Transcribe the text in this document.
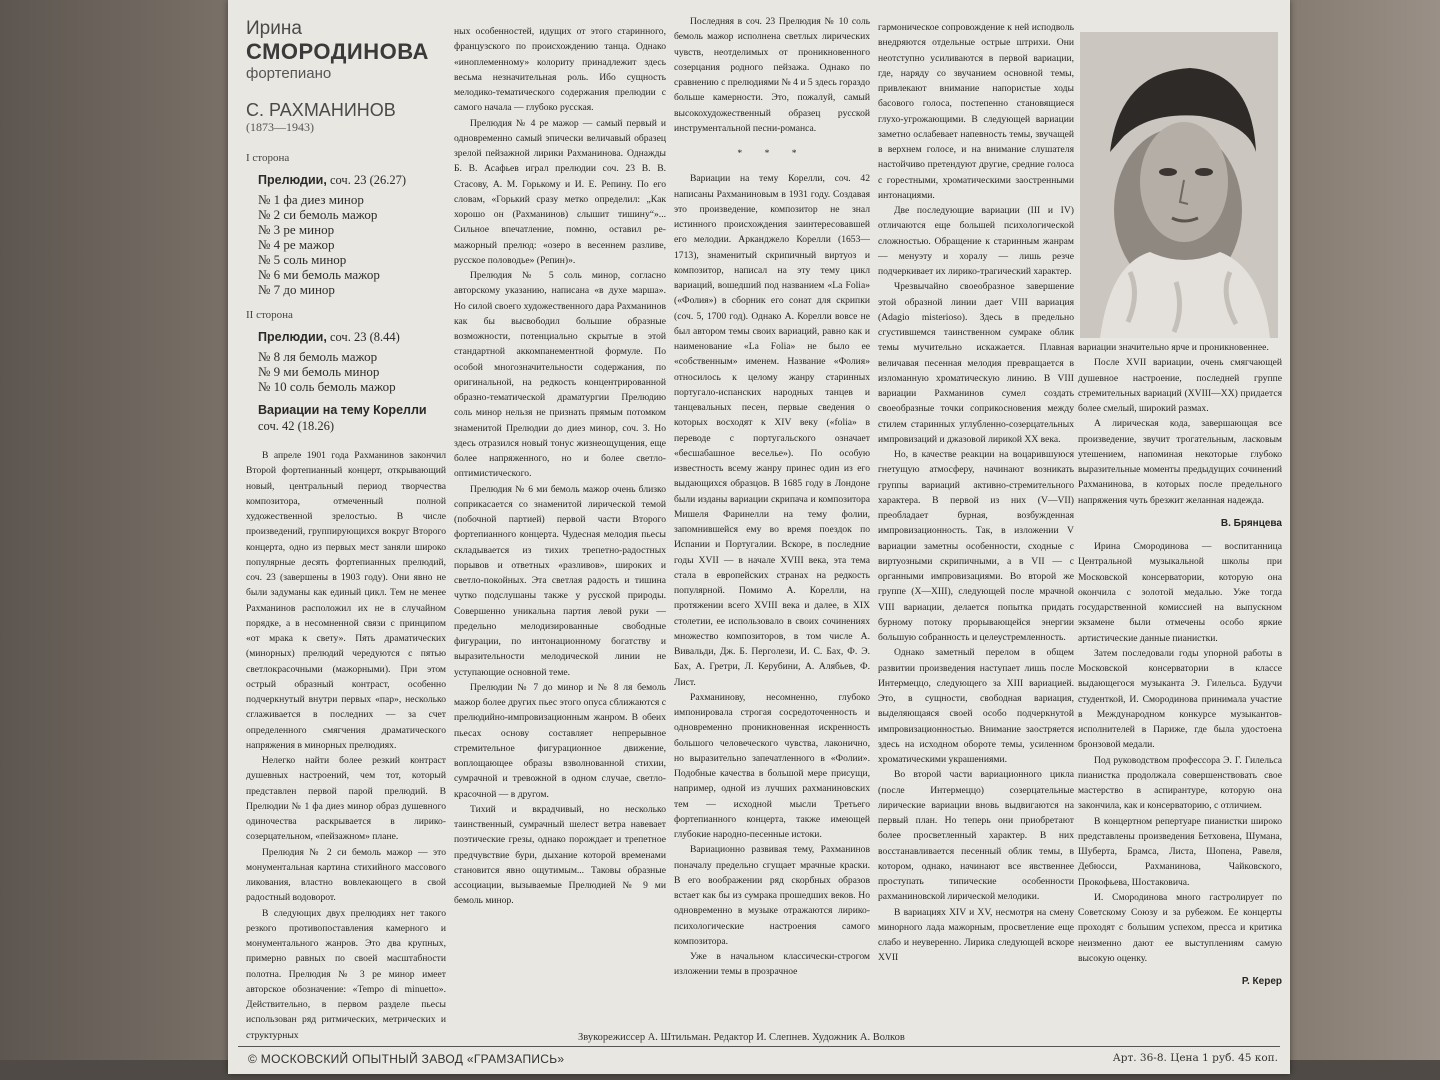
Ирина
СМОРОДИНОВА
фортепиано
С. РАХМАНИНОВ
(1873—1943)
I сторона
Прелюдии, соч. 23 (26.27)
№ 1 фа диез минор
№ 2 си бемоль мажор
№ 3 ре минор
№ 4 ре мажор
№ 5 соль минор
№ 6 ми бемоль мажор
№ 7 до минор
II сторона
Прелюдии, соч. 23 (8.44)
№ 8 ля бемоль мажор
№ 9 ми бемоль минор
№ 10 соль бемоль мажор
Вариации на тему Корелли
соч. 42 (18.26)

В апреле 1901 года Рахманинов закончил Второй фортепианный концерт, открывающий новый, центральный период творчества композитора, отмеченный полной художественной зрелостью. В числе произведений, группирующихся вокруг Второго концерта, одно из первых мест заняли широко популярные десять фортепианных прелюдий, соч. 23 (завершены в 1903 году). Они явно не были задуманы как единый цикл. Тем не менее Рахманинов расположил их не в случайном порядке, а в несомненной связи с принципом «от мрака к свету». Пять драматических (минорных) прелюдий чередуются с пятью светлокрасочными (мажорными). При этом острый образный контраст, особенно подчеркнутый внутри первых «пар», несколько сглаживается в последних — за счет определенного смягчения драматического напряжения в минорных прелюдиях.

Нелегко найти более резкий контраст душевных настроений, чем тот, который представлен первой парой прелюдий. В Прелюдии № 1 фа диез минор образ душевного одиночества раскрывается в лирико-созерцательном, «пейзажном» плане.

Прелюдия № 2 си бемоль мажор — это монументальная картина стихийного массового ликования, властно вовлекающего в свой радостный водоворот.

В следующих двух прелюдиях нет такого резкого противопоставления камерного и монументального жанров. Это два крупных, примерно равных по своей масштабности полотна. Прелюдия № 3 ре минор имеет авторское обозначение: «Tempo di minuetto». Действительно, в первом разделе пьесы использован ряд ритмических, метрических и структурных

ных особенностей, идущих от этого старинного, французского по происхождению танца. Однако «иноплеменному» колориту принадлежит здесь весьма незначительная роль. Ибо сущность мелодико-тематического содержания прелюдии с самого начала — глубоко русская.

Прелюдия № 4 ре мажор — самый первый и одновременно самый эпически величавый образец зрелой пейзажной лирики Рахманинова. Однажды Б. В. Асафьев играл прелюдии соч. 23 В. В. Стасову, А. М. Горькому и И. Е. Репину. По его словам, «Горький сразу метко определил: „Как хорошо он (Рахманинов) слышит тишину“»... Сильное впечатление, помню, оставил ре-мажорный прелюд: «озеро в весеннем разливе, русское половодье» (Репин)».

Прелюдия № 5 соль минор, согласно авторскому указанию, написана «в духе марша». Но силой своего художественного дара Рахманинов как бы высвободил большие образные возможности, потенциально скрытые в этой стандартной аккомпанементной формуле. По особой многозначительности содержания, по оригинальной, на редкость концентрированной образно-тематической драматургии Прелюдию соль минор нельзя не признать прямым потомком знаменитой Прелюдии до диез минор, соч. 3. Но здесь отразился новый тонус жизнеощущения, еще более напряженного, но и более светло-оптимистического.

Прелюдия № 6 ми бемоль мажор очень близко соприкасается со знаменитой лирической темой (побочной партией) первой части Второго фортепианного концерта. Чудесная мелодия пьесы складывается из тихих трепетно-радостных порывов и ответных «разливов», широких и светло-покойных. Эта светлая радость и тишина чутко подслушаны также у русской природы. Совершенно уникальна партия левой руки — предельно мелодизированные свободные фигурации, по интонационному богатству и выразительности мелодической линии не уступающие основной теме.

Прелюдии № 7 до минор и № 8 ля бемоль мажор более других пьес этого опуса сближаются с прелюдийно-импровизационным жанром. В обеих пьесах основу составляет непрерывное стремительное фигурационное движение, воплощающее образы взволнованной стихии, сумрачной и тревожной в одном случае, светло-красочной — в другом.

Тихий и вкрадчивый, но несколько таинственный, сумрачный шелест ветра навевает поэтические грезы, однако порождает и трепетное предчувствие бури, дыхание которой временами становится явно ощутимым... Таковы образные ассоциации, вызываемые Прелюдией № 9 ми бемоль минор.

Последняя в соч. 23 Прелюдия № 10 соль бемоль мажор исполнена светлых лирических чувств, неотделимых от проникновенного созерцания родного пейзажа. Однако по сравнению с прелюдиями № 4 и 5 здесь гораздо больше камерности. Это, пожалуй, самый высокохудожественный образец русской инструментальной песни-романса.

* * *

Вариации на тему Корелли, соч. 42 написаны Рахманиновым в 1931 году. Создавая это произведение, композитор не знал истинного происхождения заинтересовавшей его мелодии. Арканджело Корелли (1653—1713), знаменитый скрипичный виртуоз и композитор, написал на эту тему цикл вариаций, вошедший под названием «La Folia» («Фолия») в сборник его сонат для скрипки (соч. 5, 1700 год). Однако А. Корелли вовсе не был автором темы своих вариаций, равно как и наименование «La Folia» не было ее «собственным» именем. Название «Фолия» относилось к целому жанру старинных португало-испанских народных танцев и танцевальных песен, первые сведения о которых восходят к XIV веку («folia» в переводе с португальского означает «бесшабашное веселье»). По особую известность всему жанру принес один из его выдающихся образцов. В 1685 году в Лондоне были изданы вариации скрипача и композитора Мишеля Фаринелли на тему фолии, запомнившейся ему во время поездок по Испании и Португалии. Вскоре, в последние годы XVII — в начале XVIII века, эта тема стала в европейских странах на редкость популярной. Помимо А. Корелли, на протяжении всего XVIII века и далее, в XIX столетии, ее использовало в своих сочинениях множество композиторов, в том числе А. Вивальди, Дж. Б. Перголези, И. С. Бах, Ф. Э. Бах, А. Гретри, Л. Керубини, А. Алябьев, Ф. Лист.

Рахманинову, несомненно, глубоко импонировала строгая сосредоточенность и одновременно проникновенная искренность большого человеческого чувства, лаконично, но выразительно запечатленного в «Фолии». Подобные качества в большой мере присущи, например, одной из лучших рахманиновских тем — исходной мысли Третьего фортепианного концерта, также имеющей глубокие народно-песенные истоки.

Вариационно развивая тему, Рахманинов поначалу предельно сгущает мрачные краски. В его воображении ряд скорбных образов встает как бы из сумрака прошедших веков. Но одновременно в музыке отражаются лирико-психологические настроения самого композитора.

Уже в начальном классически-строгом изложении темы в прозрачное

гармоническое сопровождение к ней исподволь внедряются отдельные острые штрихи. Они неотступно усиливаются в первой вариации, где, наряду со звучанием основной темы, привлекают внимание напористые ходы басового голоса, постепенно становящиеся глухо-угрожающими. В следующей вариации заметно ослабевает напевность темы, звучащей в верхнем голосе, и на внимание слушателя настойчиво претендуют другие, средние голоса с горестными, хроматическими заостренными интонациями.

Две последующие вариации (III и IV) отличаются еще большей психологической сложностью. Обращение к старинным жанрам — менуэту и хоралу — лишь резче подчеркивает их лирико-трагический характер.

Чрезвычайно своеобразное завершение этой образной линии дает VIII вариация (Adagio misterioso). Здесь в предельно сгустившемся таинственном сумраке облик темы мучительно искажается. Плавная величавая песенная мелодия превращается в изломанную хроматическую линию. В VIII вариации Рахманинов сумел создать своеобразные точки соприкосновения между стилем старинных углубленно-созерцательных импровизаций и джазовой лирикой XX века.

Но, в качестве реакции на воцарившуюся гнетущую атмосферу, начинают возникать группы вариаций активно-стремительного характера. В первой из них (V—VII) преобладает бурная, возбужденная импровизационность. Так, в изложении V вариации заметны особенности, сходные с виртуозными скрипичными, а в VII — с органными импровизациями. Во второй же группе (X—XIII), следующей после мрачной VIII вариации, делается попытка придать бурному потоку прорывающейся энергии большую собранность и целеустремленность.

Однако заметный перелом в общем развитии произведения наступает лишь после Интермеццо, следующего за XIII вариацией. Это, в сущности, свободная вариация, выделяющаяся своей особо подчеркнутой импровизационностью. Внимание заостряется здесь на исходном обороте темы, усиленном хроматическими украшениями.

Во второй части вариационного цикла (после Интермеццо) созерцательные лирические вариации вновь выдвигаются на первый план. Но теперь они приобретают более просветленный характер. В них восстанавливается песенный облик темы, в котором, однако, начинают все явственнее проступать типические особенности рахманиновской лирической мелодики.

В вариациях XIV и XV, несмотря на смену минорного лада мажорным, просветление еще слабо и неуверенно. Лирика следующей вскоре XVII

вариации значительно ярче и проникновеннее.

После XVII вариации, очень смягчающей душевное настроение, последней группе стремительных вариаций (XVIII—XX) придается более смелый, широкий размах.

А лирическая кода, завершающая все произведение, звучит трогательным, ласковым утешением, напоминая некоторые глубоко выразительные моменты предыдущих сочинений Рахманинова, в которых после предельного напряжения чуть брезжит желанная надежда.

В. Брянцева

Ирина Смородинова — воспитанница Центральной музыкальной школы при Московской консерватории, которую она окончила с золотой медалью. Уже тогда государственной комиссией на выпускном экзамене были отмечены особо яркие артистические данные пианистки.

Затем последовали годы упорной работы в Московской консерватории в классе выдающегося музыканта Э. Гилельса. Будучи студенткой, И. Смородинова принимала участие в Международном конкурсе музыкантов-исполнителей в Париже, где была удостоена бронзовой медали.

Под руководством профессора Э. Г. Гилельса пианистка продолжала совершенствовать свое мастерство в аспирантуре, которую она закончила, как и консерваторию, с отличием.

В концертном репертуаре пианистки широко представлены произведения Бетховена, Шумана, Шуберта, Брамса, Листа, Шопена, Равеля, Дебюсси, Рахманинова, Чайковского, Прокофьева, Шостаковича.

И. Смородинова много гастролирует по Советскому Союзу и за рубежом. Ее концерты проходят с большим успехом, пресса и критика неизменно дают ее выступлениям самую высокую оценку.

Р. Керер
Звукорежиссер А. Штильман. Редактор И. Слепнев. Художник А. Волков
© МОСКОВСКИЙ ОПЫТНЫЙ ЗАВОД «ГРАМЗАПИСЬ»	Арт. 36-8. Цена 1 руб. 45 коп.
